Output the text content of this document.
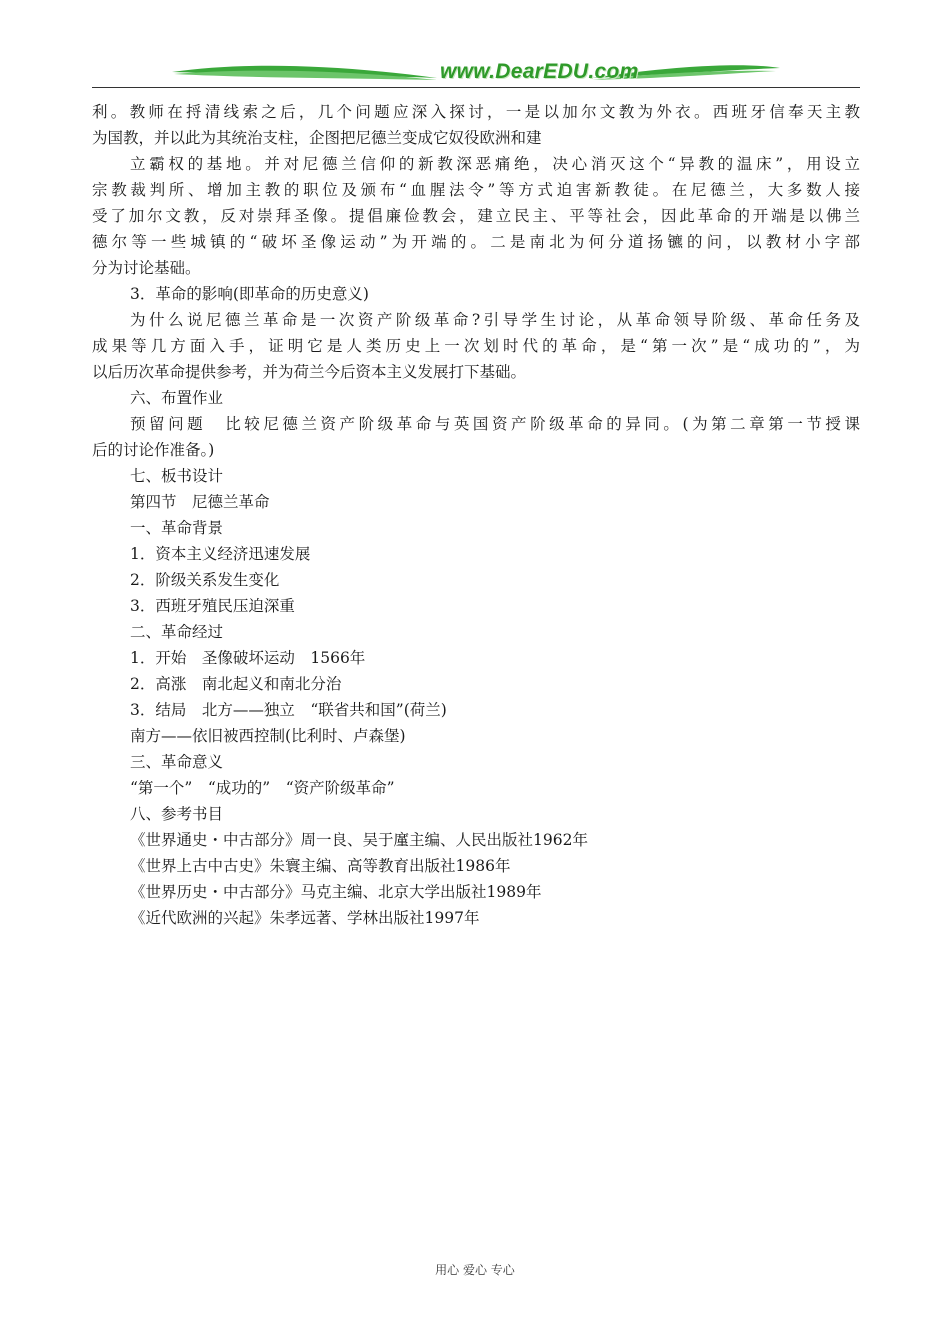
www.DearEDU.com
利。教师在捋清线索之后，几个问题应深入探讨，一是以加尔文教为外衣。西班牙信奉天主教
为国教，并以此为其统治支柱，企图把尼德兰变成它奴役欧洲和建
立霸权的基地。并对尼德兰信仰的新教深恶痛绝，决心消灭这个“异教的温床”，用设立
宗教裁判所、增加主教的职位及颁布“血腥法令”等方式迫害新教徒。在尼德兰，大多数人接
受了加尔文教，反对崇拜圣像。提倡廉俭教会，建立民主、平等社会，因此革命的开端是以佛兰
德尔等一些城镇的“破坏圣像运动”为开端的。二是南北为何分道扬镳的问，以教材小字部
分为讨论基础。
3．革命的影响(即革命的历史意义)
为什么说尼德兰革命是一次资产阶级革命?引导学生讨论，从革命领导阶级、革命任务及
成果等几方面入手，证明它是人类历史上一次划时代的革命，是“第一次”是“成功的”，为
以后历次革命提供参考，并为荷兰今后资本主义发展打下基础。
六、布置作业
预留问题　比较尼德兰资产阶级革命与英国资产阶级革命的异同。(为第二章第一节授课
后的讨论作准备。)
七、板书设计
第四节　尼德兰革命
一、革命背景
1．资本主义经济迅速发展
2．阶级关系发生变化
3．西班牙殖民压迫深重
二、革命经过
1．开始　圣像破坏运动　1566年
2．高涨　南北起义和南北分治
3．结局　北方——独立　“联省共和国”(荷兰)
南方——依旧被西控制(比利时、卢森堡)
三、革命意义
“第一个”　“成功的”　“资产阶级革命”
八、参考书目
《世界通史・中古部分》周一良、吴于廑主编、人民出版社1962年
《世界上古中古史》朱寰主编、高等教育出版社1986年
《世界历史・中古部分》马克主编、北京大学出版社1989年
《近代欧洲的兴起》朱孝远著、学林出版社1997年
用心 爱心 专心
